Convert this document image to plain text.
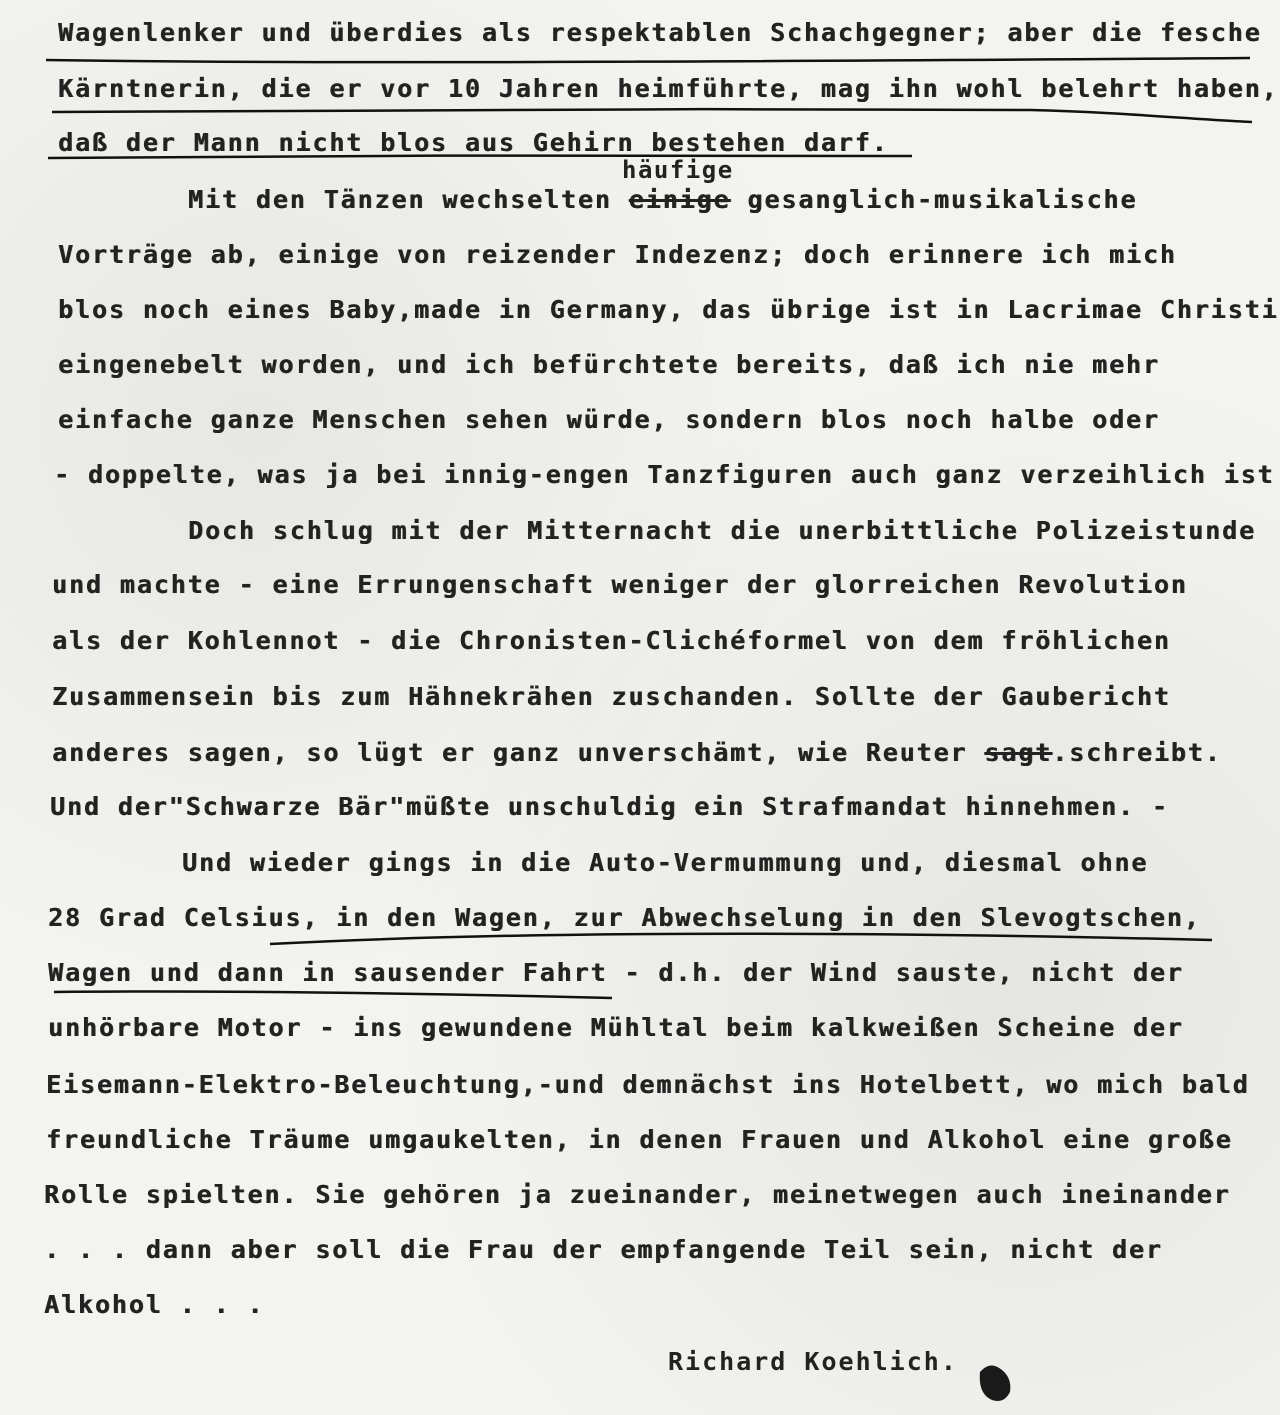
Wagenlenker und überdies als respektablen Schachgegner; aber die fesche
Kärntnerin, die er vor 10 Jahren heimführte, mag ihn wohl belehrt haben,
daß der Mann nicht blos aus Gehirn bestehen darf.
häufige
Mit den Tänzen wechselten einige gesanglich-musikalische
Vorträge ab, einige von reizender Indezenz; doch erinnere ich mich
blos noch eines Baby,made in Germany, das übrige ist in Lacrimae Christi
eingenebelt worden, und ich befürchtete bereits, daß ich nie mehr
einfache ganze Menschen sehen würde, sondern blos noch halbe oder
- doppelte, was ja bei innig-engen Tanzfiguren auch ganz verzeihlich ist
Doch schlug mit der Mitternacht die unerbittliche Polizeistunde
und machte - eine Errungenschaft weniger der glorreichen Revolution
als der Kohlennot - die Chronisten-Clichéformel von dem fröhlichen
Zusammensein bis zum Hähnekrähen zuschanden. Sollte der Gaubericht
anderes sagen, so lügt er ganz unverschämt, wie Reuter sagt.schreibt.
Und der"Schwarze Bär"müßte unschuldig ein Strafmandat hinnehmen. -
Und wieder gings in die Auto-Vermummung und, diesmal ohne
28 Grad Celsius, in den Wagen, zur Abwechselung in den Slevogtschen,
Wagen und dann in sausender Fahrt - d.h. der Wind sauste, nicht der
unhörbare Motor - ins gewundene Mühltal beim kalkweißen Scheine der
Eisemann-Elektro-Beleuchtung,-und demnächst ins Hotelbett, wo mich bald
freundliche Träume umgaukelten, in denen Frauen und Alkohol eine große
Rolle spielten. Sie gehören ja zueinander, meinetwegen auch ineinander
. . . dann aber soll die Frau der empfangende Teil sein, nicht der
Alkohol . . .
Richard Koehlich.
